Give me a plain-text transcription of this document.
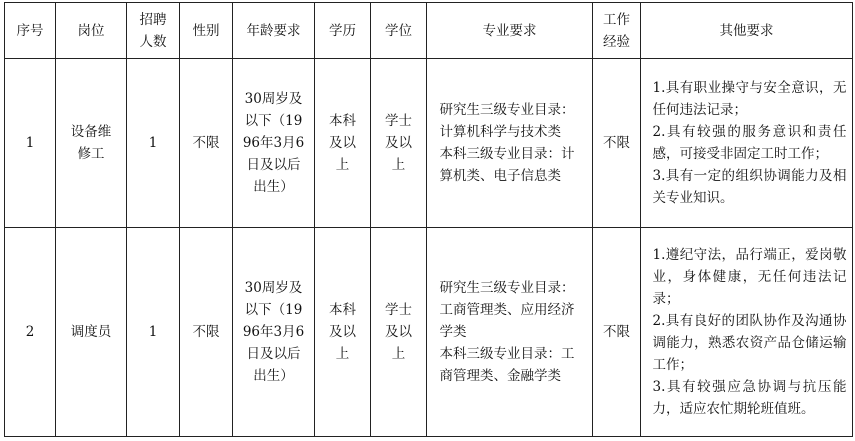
序号	岗位	招聘人数	性别	年龄要求	学历	学位	专业要求	工作经验	其他要求

1	设备维修工	1	不限	30周岁及以下（1996年3月6日及以后出生）	本科及以上	学士及以上	研究生三级专业目录：计算机科学与技术类
本科三级专业目录：计算机类、电子信息类	不限	1.具有职业操守与安全意识，无任何违法记录；
2.具有较强的服务意识和责任感，可接受非固定工时工作；
3.具有一定的组织协调能力及相关专业知识。

2	调度员	1	不限	30周岁及以下（1996年3月6日及以后出生）	本科及以上	学士及以上	研究生三级专业目录：工商管理类、应用经济学类
本科三级专业目录：工商管理类、金融学类	不限	1.遵纪守法，品行端正，爱岗敬业，身体健康，无任何违法记录；
2.具有良好的团队协作及沟通协调能力，熟悉农资产品仓储运输工作；
3.具有较强应急协调与抗压能力，适应农忙期轮班值班。
